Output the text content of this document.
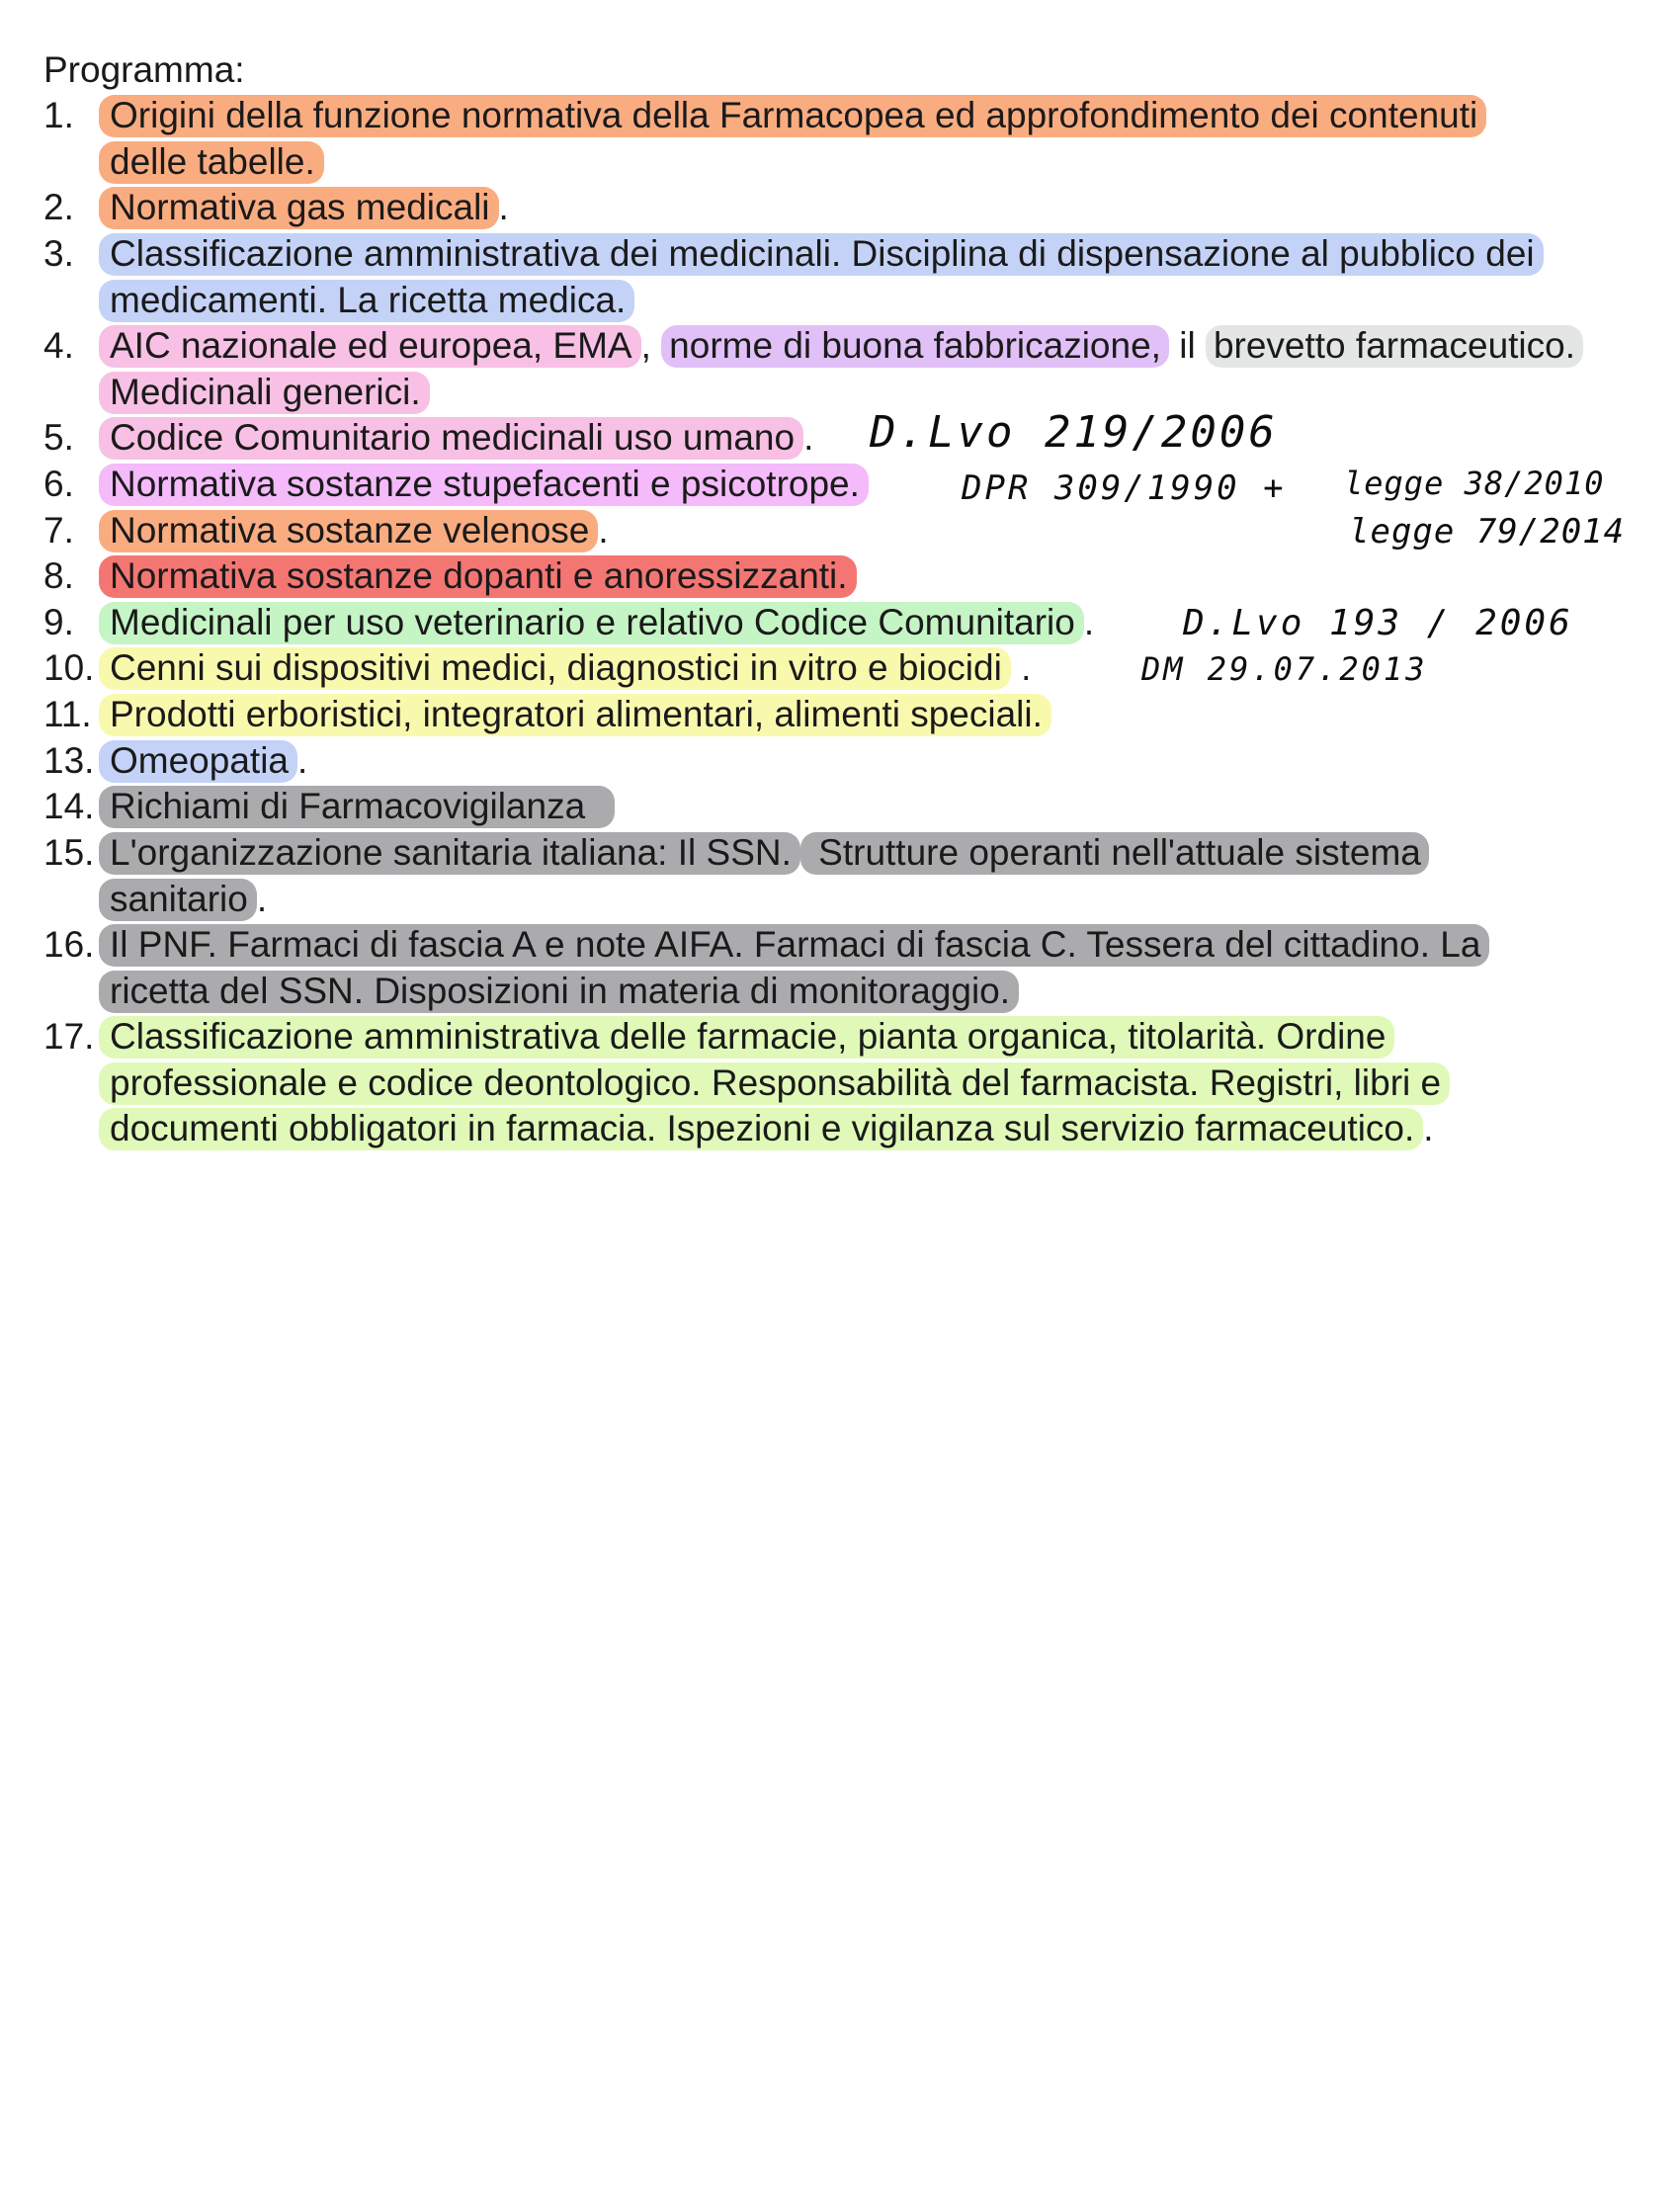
Programma:
1. Origini della funzione normativa della Farmacopea ed approfondimento dei contenuti
delle tabelle.
2. Normativa gas medicali .
3. Classificazione amministrativa dei medicinali. Disciplina di dispensazione al pubblico dei
medicamenti. La ricetta medica.
4. AIC nazionale ed europea, EMA , norme di buona fabbricazione, il brevetto farmaceutico.
Medicinali generici.
5. Codice Comunitario medicinali uso umano .
6. Normativa sostanze stupefacenti e psicotrope.
7. Normativa sostanze velenose .
8. Normativa sostanze dopanti e anoressizzanti.
9. Medicinali per uso veterinario e relativo Codice Comunitario .
10. Cenni sui dispositivi medici, diagnostici in vitro e biocidi .
11. Prodotti erboristici, integratori alimentari, alimenti speciali.
13. Omeopatia .
14. Richiami di Farmacovigilanza
15. L'organizzazione sanitaria italiana: Il SSN. Strutture operanti nell'attuale sistema
sanitario .
16. Il PNF. Farmaci di fascia A e note AIFA. Farmaci di fascia C. Tessera del cittadino. La
ricetta del SSN. Disposizioni in materia di monitoraggio.
17. Classificazione amministrativa delle farmacie, pianta organica, titolarità. Ordine
professionale e codice deontologico. Responsabilità del farmacista. Registri, libri e
documenti obbligatori in farmacia. Ispezioni e vigilanza sul servizio farmaceutico. .
D.Lvo 219/2006
DPR 309/1990 + legge 38/2010
legge 79/2014
D.Lvo 193 / 2006
DM 29.07.2013
